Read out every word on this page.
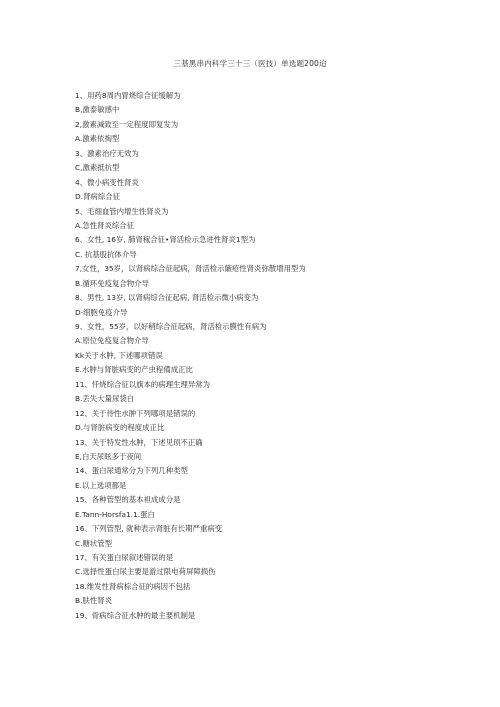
三基黑串内科学三十三（医技）单选题200迨
1、用药8周内胃烧综合征缓解为
B,激泰敏感中
2,激素减致至一定程度即复发为
A.激素依掏型
3、激素治疗无效为
C,激素抵抗型
4、微小病变性肾炎
D.肾病综合征
5、毛细血管内增生性肾炎为
A.急性肾炎综合征
6、女性, 16岁, 肺肾稼合征•肾活检示急进性肾炎1型为
C. 抗基股抗体介导
7,女性，35岁，以肾病综合征起病，肾活检示簸疮性肾炎弥散增用型为
B.循环免疫复合物介导
8、男性, 13岁, 以肾病综合征起病, 肾活检示微小病变为
D·细胞免疫介导
9、女性，55岁，以好稍综合征起病，肾活检示膜性有病为
A.原位免疫复合物介导
Kk关于水肿, 下述哪项错误
E.水肿与肾脏病变的产虫程備成正比
11、忏烧综合征以旗本的病理生理异常为
B.丢失大量尿袋白
12、关于侍性水肿下列哪项是错误的
D.与肾脏病变的程度成正比
13、关于特发性水肿，下述见顼不正确
E,白天尿眩多于夜间
14、蛋白尿通常分为下列几种类型
E.以上选项都是
15、各种管型的基本袒成成分是
E.Tann-Horsfa1.1.蛋白
16、下列管型, 就种表示肾脏有长期严重病变
C.糖状管型
17、有关蛋白尿叙述错误的是
C.选择性蛋白尿主要是游过限电荷屏障损伤
18.维发性肾病棕合征的病因不包括
B.肤性肾炎
19、骨病综合征水肿的最主要机制是
